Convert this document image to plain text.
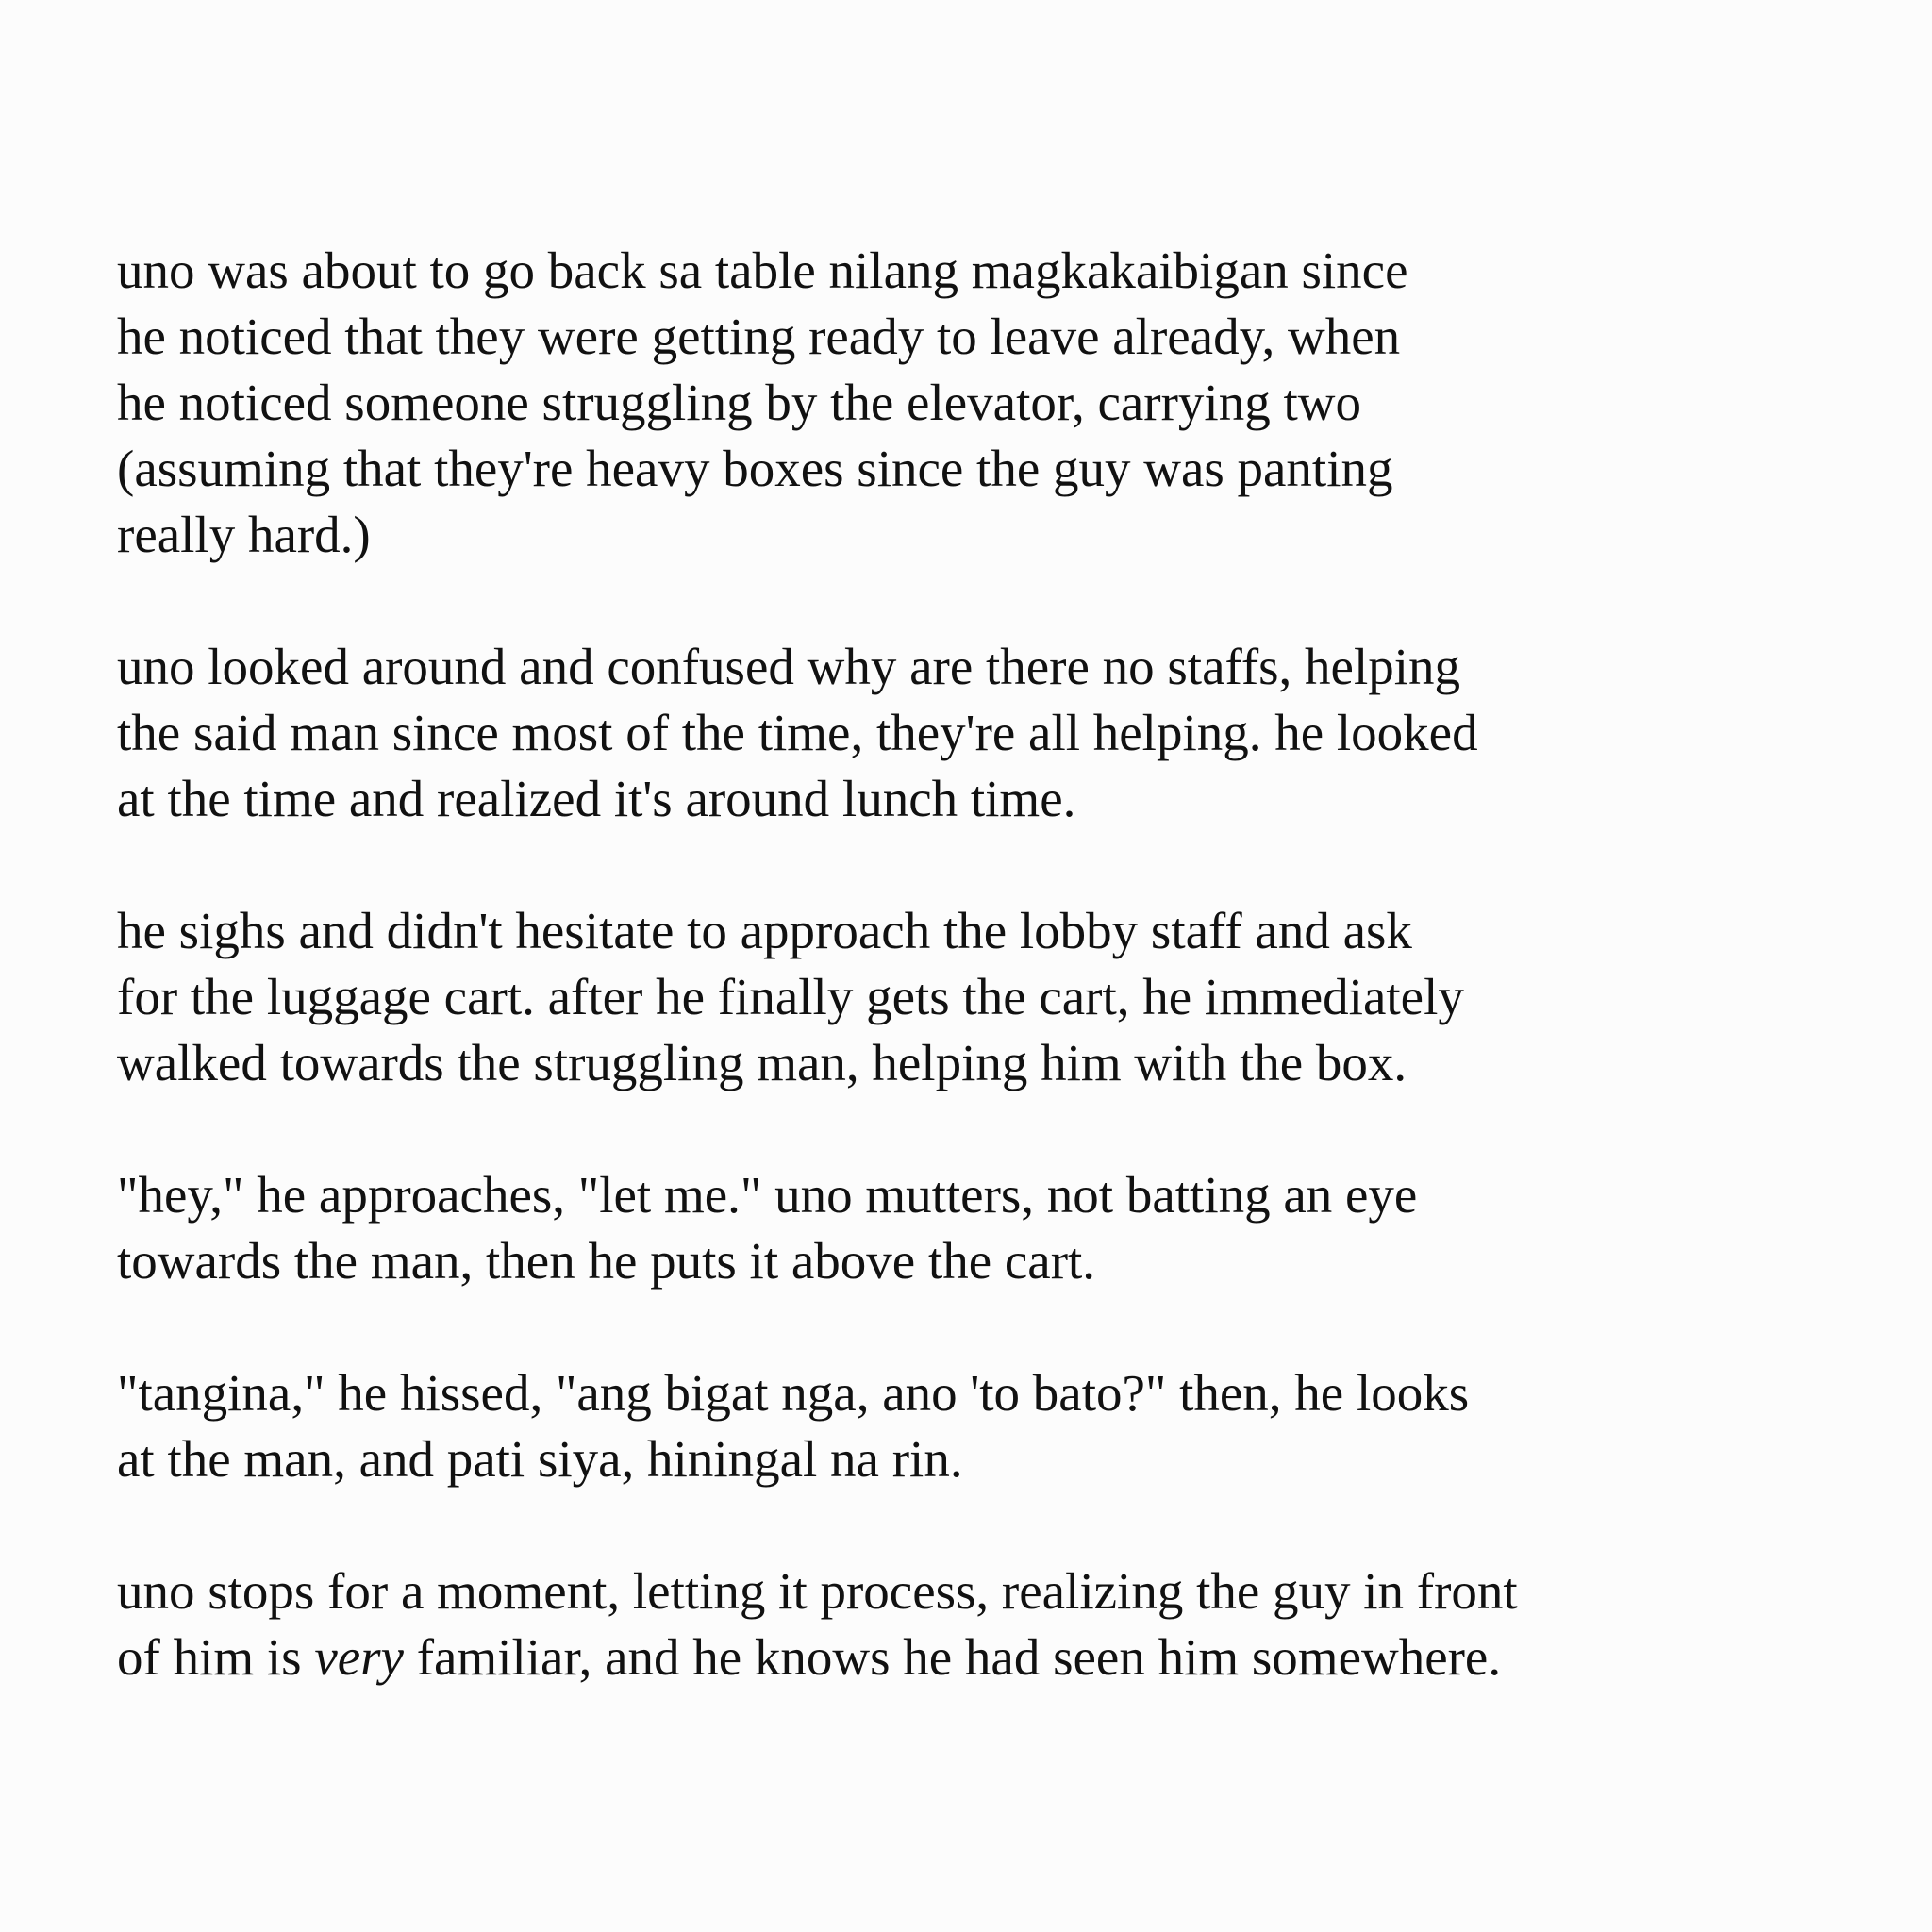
uno was about to go back sa table nilang magkakaibigan since
he noticed that they were getting ready to leave already, when
he noticed someone struggling by the elevator, carrying two
(assuming that they're heavy boxes since the guy was panting
really hard.)

uno looked around and confused why are there no staffs, helping
the said man since most of the time, they're all helping. he looked
at the time and realized it's around lunch time.

he sighs and didn't hesitate to approach the lobby staff and ask
for the luggage cart. after he finally gets the cart, he immediately
walked towards the struggling man, helping him with the box.

"hey," he approaches, "let me." uno mutters, not batting an eye
towards the man, then he puts it above the cart.

"tangina," he hissed, "ang bigat nga, ano 'to bato?" then, he looks
at the man, and pati siya, hiningal na rin.

uno stops for a moment, letting it process, realizing the guy in front
of him is very familiar, and he knows he had seen him somewhere.
